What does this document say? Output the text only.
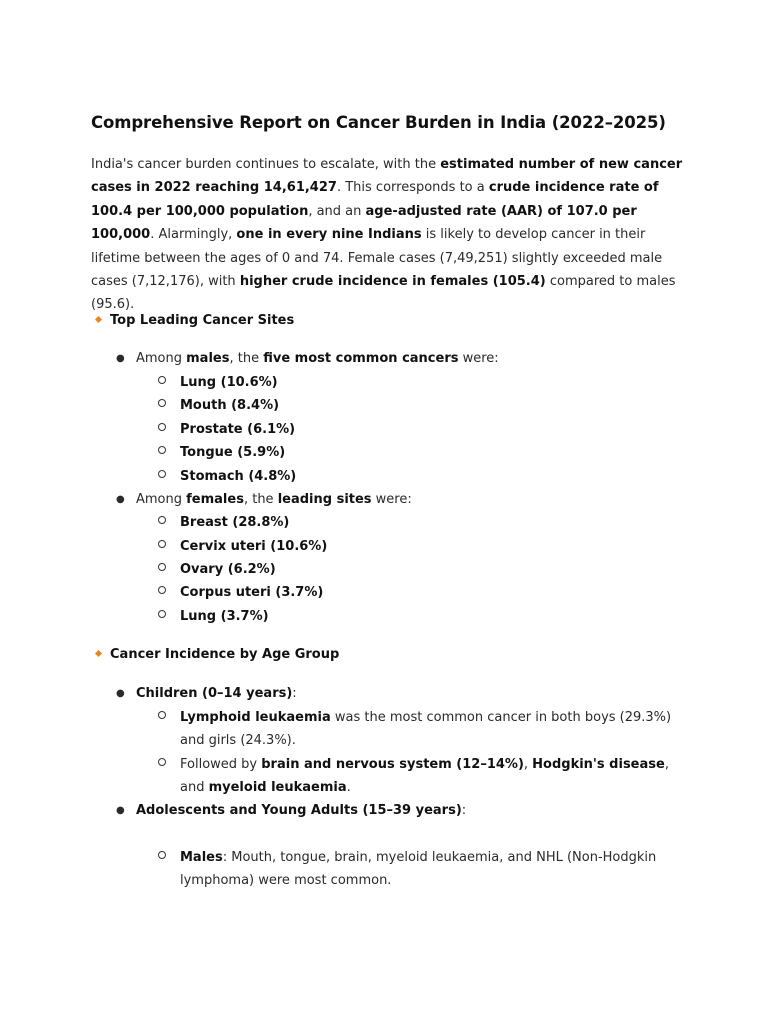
Comprehensive Report on Cancer Burden in India (2022–2025)

India's cancer burden continues to escalate, with the estimated number of new cancer cases in 2022 reaching 14,61,427. This corresponds to a crude incidence rate of 100.4 per 100,000 population, and an age-adjusted rate (AAR) of 107.0 per 100,000. Alarmingly, one in every nine Indians is likely to develop cancer in their lifetime between the ages of 0 and 74. Female cases (7,49,251) slightly exceeded male cases (7,12,176), with higher crude incidence in females (105.4) compared to males (95.6).

Top Leading Cancer Sites
● Among males, the five most common cancers were:
Lung (10.6%)
Mouth (8.4%)
Prostate (6.1%)
Tongue (5.9%)
Stomach (4.8%)
● Among females, the leading sites were:
Breast (28.8%)
Cervix uteri (10.6%)
Ovary (6.2%)
Corpus uteri (3.7%)
Lung (3.7%)
Cancer Incidence by Age Group
● Children (0–14 years):
Lymphoid leukaemia was the most common cancer in both boys (29.3%) and girls (24.3%).
Followed by brain and nervous system (12–14%), Hodgkin's disease, and myeloid leukaemia.
● Adolescents and Young Adults (15–39 years):
Males: Mouth, tongue, brain, myeloid leukaemia, and NHL (Non-Hodgkin lymphoma) were most common.
